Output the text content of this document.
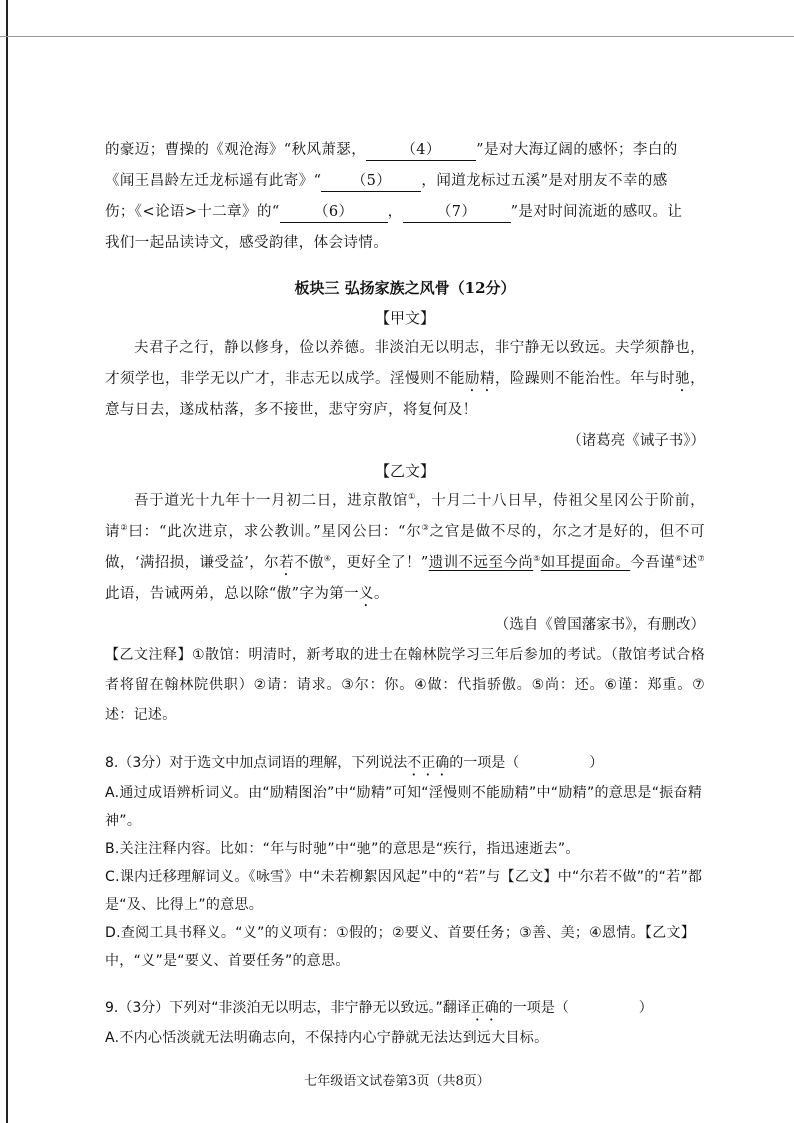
的豪迈；曹操的《观沧海》“秋风萧瑟， （4） ”是对大海辽阔的感怀；李白的

《闻王昌龄左迁龙标遥有此寄》“ （5） ，闻道龙标过五溪”是对朋友不幸的感

伤；《<论语>十二章》的“ （6） ， （7） ”是对时间流逝的感叹。让

我们一起品读诗文，感受韵律，体会诗情。

板块三 弘扬家族之风骨（12分）

【甲文】

夫君子之行，静以修身，俭以养德。非淡泊无以明志，非宁静无以致远。夫学须静也，才须学也，非学无以广才，非志无以成学。淫慢则不能励精，险躁则不能治性。年与时驰，意与日去，遂成枯落，多不接世，悲守穷庐，将复何及！

（诸葛亮《诫子书》）

【乙文】

吾于道光十九年十一月初二日，进京散馆①，十月二十八日早，侍祖父星冈公于阶前，请②曰：“此次进京，求公教训。”星冈公曰：“尔③之官是做不尽的，尔之才是好的，但不可做，‘满招损，谦受益’，尔若不傲④，更好全了！”遗训不远至今尚⑤如耳提面命。今吾谨⑥述⑦此语，告诫两弟，总以除“傲”字为第一义。

（选自《曾国藩家书》，有删改）

【乙文注释】①散馆：明清时，新考取的进士在翰林院学习三年后参加的考试。（散馆考试合格者将留在翰林院供职）②请：请求。③尔：你。④做：代指骄傲。⑤尚：还。⑥谨：郑重。⑦述：记述。

8.（3分）对于选文中加点词语的理解，下列说法不正确的一项是（	）

A.通过成语辨析词义。由“励精图治”中“励精”可知“淫慢则不能励精”中“励精”的意思是“振奋精神”。

B.关注注释内容。比如：“年与时驰”中“驰”的意思是“疾行，指迅速逝去”。

C.课内迁移理解词义。《咏雪》中“未若柳絮因风起”中的“若”与【乙文】中“尔若不做”的“若”都是“及、比得上”的意思。

D.查阅工具书释义。“义”的义项有：①假的；②要义、首要任务；③善、美；④恩情。【乙文】中，“义”是“要义、首要任务”的意思。

9.（3分）下列对“非淡泊无以明志，非宁静无以致远。”翻译正确的一项是（	）

A.不内心恬淡就无法明确志向，不保持内心宁静就无法达到远大目标。

七年级语文试卷第3页（共8页）
